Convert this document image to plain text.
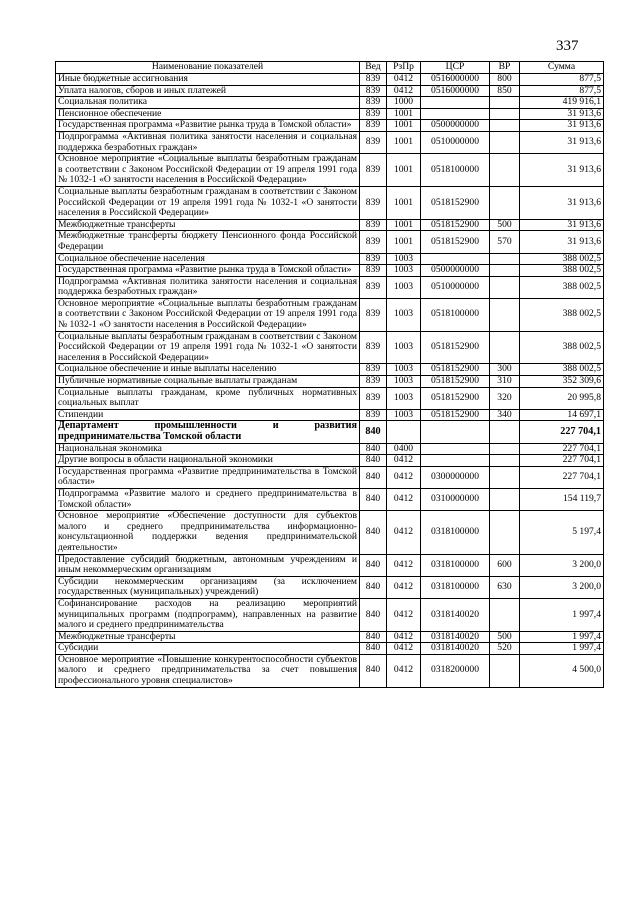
337
Наименование показателей	Вед	РзПр	ЦСР	ВР	Сумма
Иные бюджетные ассигнования	839	0412	0516000000	800	877,5
Уплата налогов, сборов и иных платежей	839	0412	0516000000	850	877,5
Социальная политика	839	1000			419 916,1
Пенсионное обеспечение	839	1001			31 913,6
Государственная программа «Развитие рынка труда в Томской области»	839	1001	0500000000		31 913,6
Подпрограмма «Активная политика занятости населения и социальная поддержка безработных граждан»	839	1001	0510000000		31 913,6
Основное мероприятие «Социальные выплаты безработным гражданам в соответствии с Законом Российской Федерации от 19 апреля 1991 года № 1032-1 «О занятости населения в Российской Федерации»	839	1001	0518100000		31 913,6
Социальные выплаты безработным гражданам в соответствии с Законом Российской Федерации от 19 апреля 1991 года № 1032-1 «О занятости населения в Российской Федерации»	839	1001	0518152900		31 913,6
Межбюджетные трансферты	839	1001	0518152900	500	31 913,6
Межбюджетные трансферты бюджету Пенсионного фонда Российской Федерации	839	1001	0518152900	570	31 913,6
Социальное обеспечение населения	839	1003			388 002,5
Государственная программа «Развитие рынка труда в Томской области»	839	1003	0500000000		388 002,5
Подпрограмма «Активная политика занятости населения и социальная поддержка безработных граждан»	839	1003	0510000000		388 002,5
Основное мероприятие «Социальные выплаты безработным гражданам в соответствии с Законом Российской Федерации от 19 апреля 1991 года № 1032-1 «О занятости населения в Российской Федерации»	839	1003	0518100000		388 002,5
Социальные выплаты безработным гражданам в соответствии с Законом Российской Федерации от 19 апреля 1991 года № 1032-1 «О занятости населения в Российской Федерации»	839	1003	0518152900		388 002,5
Социальное обеспечение и иные выплаты населению	839	1003	0518152900	300	388 002,5
Публичные нормативные социальные выплаты гражданам	839	1003	0518152900	310	352 309,6
Социальные выплаты гражданам, кроме публичных нормативных социальных выплат	839	1003	0518152900	320	20 995,8
Стипендии	839	1003	0518152900	340	14 697,1
Департамент промышленности и развития предпринимательства Томской области	840				227 704,1
Национальная экономика	840	0400			227 704,1
Другие вопросы в области национальной экономики	840	0412			227 704,1
Государственная программа «Развитие предпринимательства в Томской области»	840	0412	0300000000		227 704,1
Подпрограмма «Развитие малого и среднего предпринимательства в Томской области»	840	0412	0310000000		154 119,7
Основное мероприятие «Обеспечение доступности для субъектов малого и среднего предпринимательства информационно-консультационной поддержки ведения предпринимательской деятельности»	840	0412	0318100000		5 197,4
Предоставление субсидий бюджетным, автономным учреждениям и иным некоммерческим организациям	840	0412	0318100000	600	3 200,0
Субсидии некоммерческим организациям (за исключением государственных (муниципальных) учреждений)	840	0412	0318100000	630	3 200,0
Софинансирование расходов на реализацию мероприятий муниципальных программ (подпрограмм), направленных на развитие малого и среднего предпринимательства	840	0412	0318140020		1 997,4
Межбюджетные трансферты	840	0412	0318140020	500	1 997,4
Субсидии	840	0412	0318140020	520	1 997,4
Основное мероприятие «Повышение конкурентоспособности субъектов малого и среднего предпринимательства за счет повышения профессионального уровня специалистов»	840	0412	0318200000		4 500,0
